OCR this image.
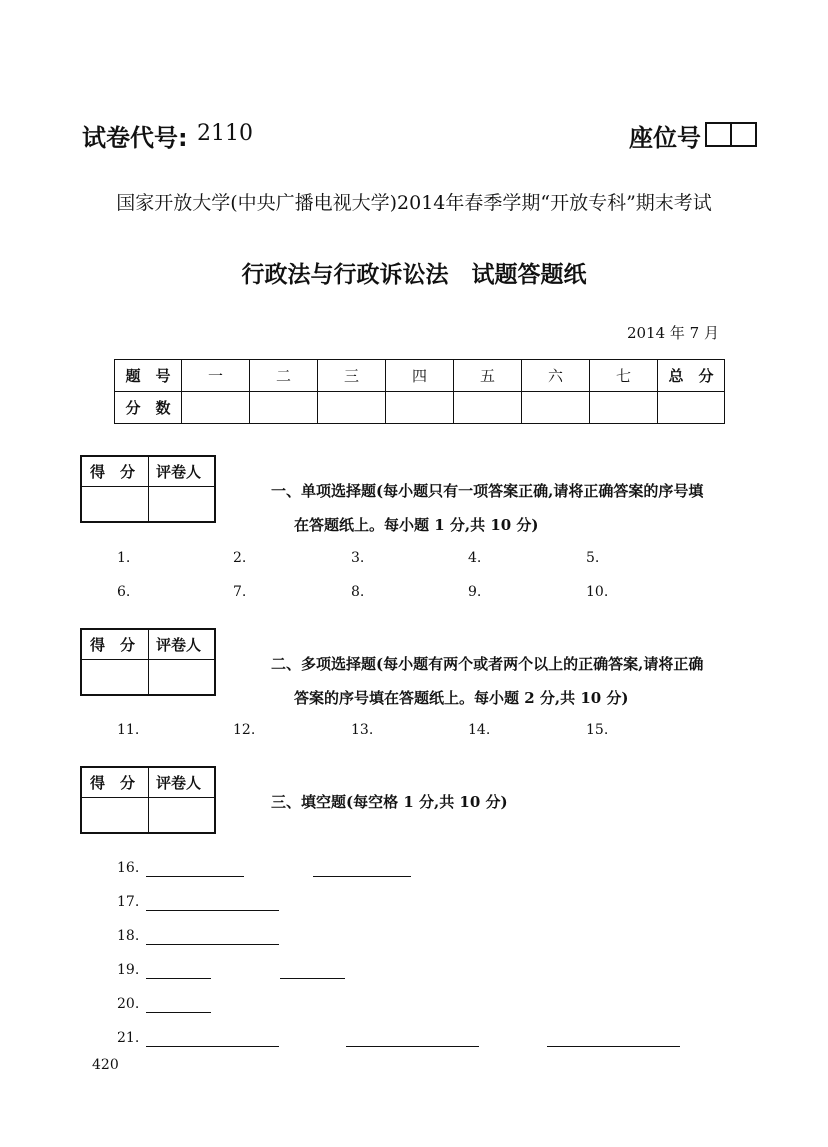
试卷代号: 2110	座位号
国家开放大学(中央广播电视大学)2014年春季学期“开放专科”期末考试
行政法与行政诉讼法　试题答题纸
2014 年 7 月
题　号	一	二	三	四	五	六	七	总　分
分　数								
得　分 评卷人
一、单项选择题(每小题只有一项答案正确,请将正确答案的序号填
在答题纸上。每小题 1 分,共 10 分)
1.	2.	3.	4.	5.
6.	7.	8.	9.	10.
得　分 评卷人
二、多项选择题(每小题有两个或者两个以上的正确答案,请将正确
答案的序号填在答题纸上。每小题 2 分,共 10 分)
11.	12.	13.	14.	15.
得　分 评卷人
三、填空题(每空格 1 分,共 10 分)
16.
17.
18.
19.
20.
21.
420
